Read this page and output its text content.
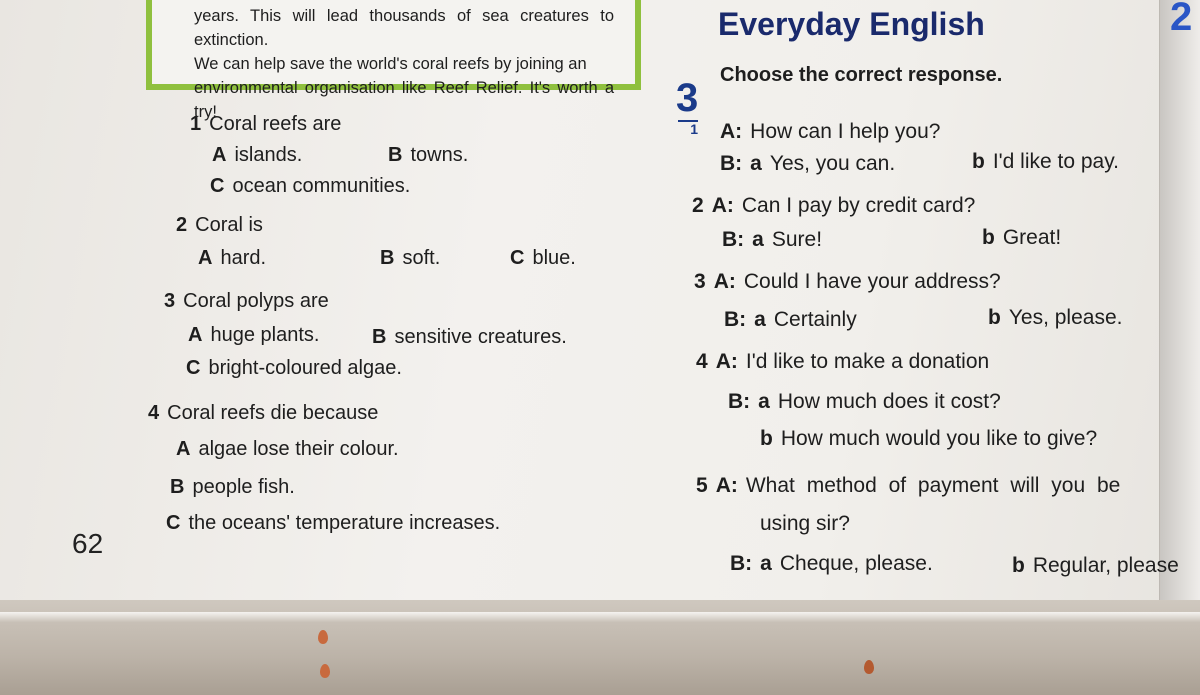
2
years. This will lead thousands of sea creatures to extinction.
We can help save the world's coral reefs by joining an
environmental organisation like Reef Relief. It's worth a try!
1 Coral reefs are
A islands.	B towns.
C ocean communities.
2 Coral is
A hard.	B soft.	C blue.
3 Coral polyps are
A huge plants.	B sensitive creatures.
C bright-coloured algae.
4 Coral reefs die because
A algae lose their colour.
B people fish.
C the oceans' temperature increases.
62
Everyday English
3
1
Choose the correct response.
A: How can I help you?
B: a Yes, you can.	b I'd like to pay.
2 A: Can I pay by credit card?
B: a Sure!	b Great!
3 A: Could I have your address?
B: a Certainly	b Yes, please.
4 A: I'd like to make a donation
B: a How much does it cost?
b How much would you like to give?
5 A: What method of payment will you be
using sir?
B: a Cheque, please.	b Regular, please
